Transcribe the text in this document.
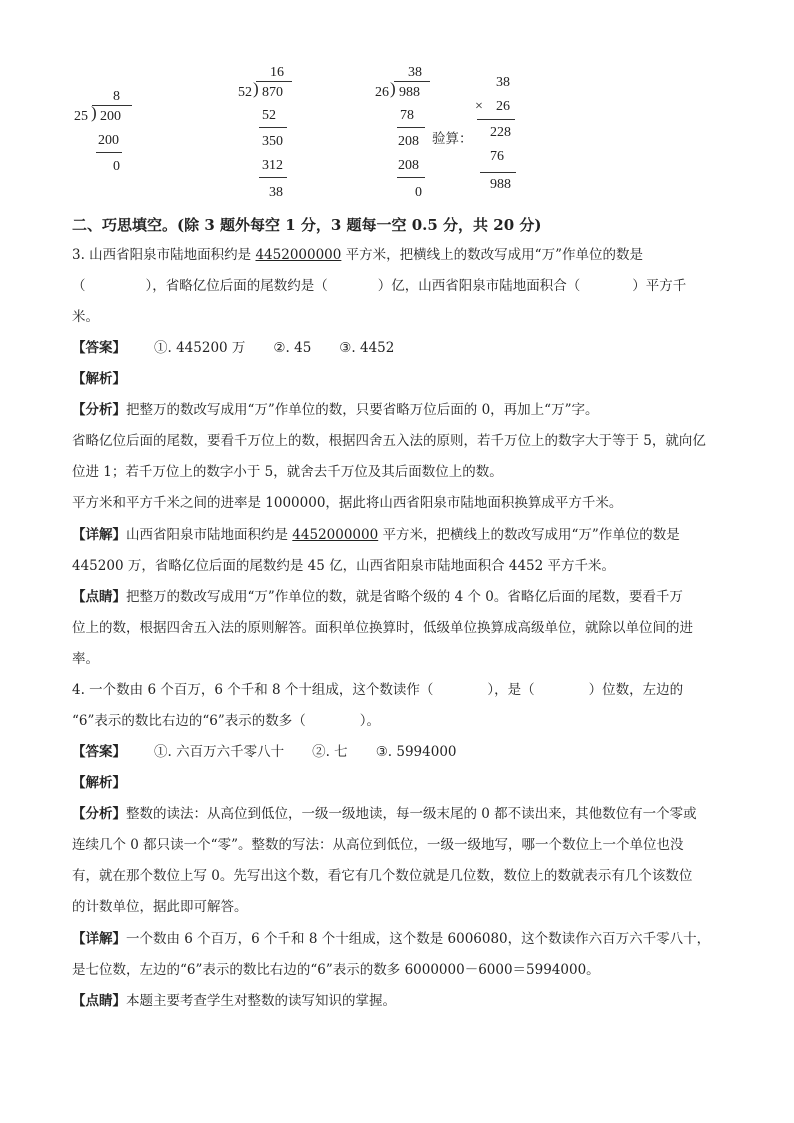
8
25 ) 200
200
0
16
52 ) 870
52
350
312
38
38
26 ) 988
78
208
208
0
验算：
38
× 26
228
76
988
二、巧思填空。(除 3 题外每空 1 分，3 题每一空 0.5 分，共 20 分)
3. 山西省阳泉市陆地面积约是 4452000000 平方米，把横线上的数改写成用“万”作单位的数是
（	），省略亿位后面的尾数约是（	）亿，山西省阳泉市陆地面积合（	）平方千
米。
【答案】 ①. 445200 万 ②. 45 ③. 4452
【解析】
【分析】把整万的数改写成用“万”作单位的数，只要省略万位后面的 0，再加上“万”字。
省略亿位后面的尾数，要看千万位上的数，根据四舍五入法的原则，若千万位上的数字大于等于 5，就向亿
位进 1；若千万位上的数字小于 5，就舍去千万位及其后面数位上的数。
平方米和平方千米之间的进率是 1000000，据此将山西省阳泉市陆地面积换算成平方千米。
【详解】山西省阳泉市陆地面积约是 4452000000 平方米，把横线上的数改写成用“万”作单位的数是
445200 万，省略亿位后面的尾数约是 45 亿，山西省阳泉市陆地面积合 4452 平方千米。
【点睛】把整万的数改写成用“万”作单位的数，就是省略个级的 4 个 0。省略亿后面的尾数，要看千万
位上的数，根据四舍五入法的原则解答。面积单位换算时，低级单位换算成高级单位，就除以单位间的进
率。
4. 一个数由 6 个百万，6 个千和 8 个十组成，这个数读作（	），是（	）位数，左边的
“6”表示的数比右边的“6”表示的数多（	）。
【答案】 ①. 六百万六千零八十 ②. 七 ③. 5994000
【解析】
【分析】整数的读法：从高位到低位，一级一级地读，每一级末尾的 0 都不读出来，其他数位有一个零或
连续几个 0 都只读一个“零”。整数的写法：从高位到低位，一级一级地写，哪一个数位上一个单位也没
有，就在那个数位上写 0。先写出这个数，看它有几个数位就是几位数，数位上的数就表示有几个该数位
的计数单位，据此即可解答。
【详解】一个数由 6 个百万，6 个千和 8 个十组成，这个数是 6006080，这个数读作六百万六千零八十，
是七位数，左边的“6”表示的数比右边的“6”表示的数多 6000000－6000＝5994000。
【点睛】本题主要考查学生对整数的读写知识的掌握。
